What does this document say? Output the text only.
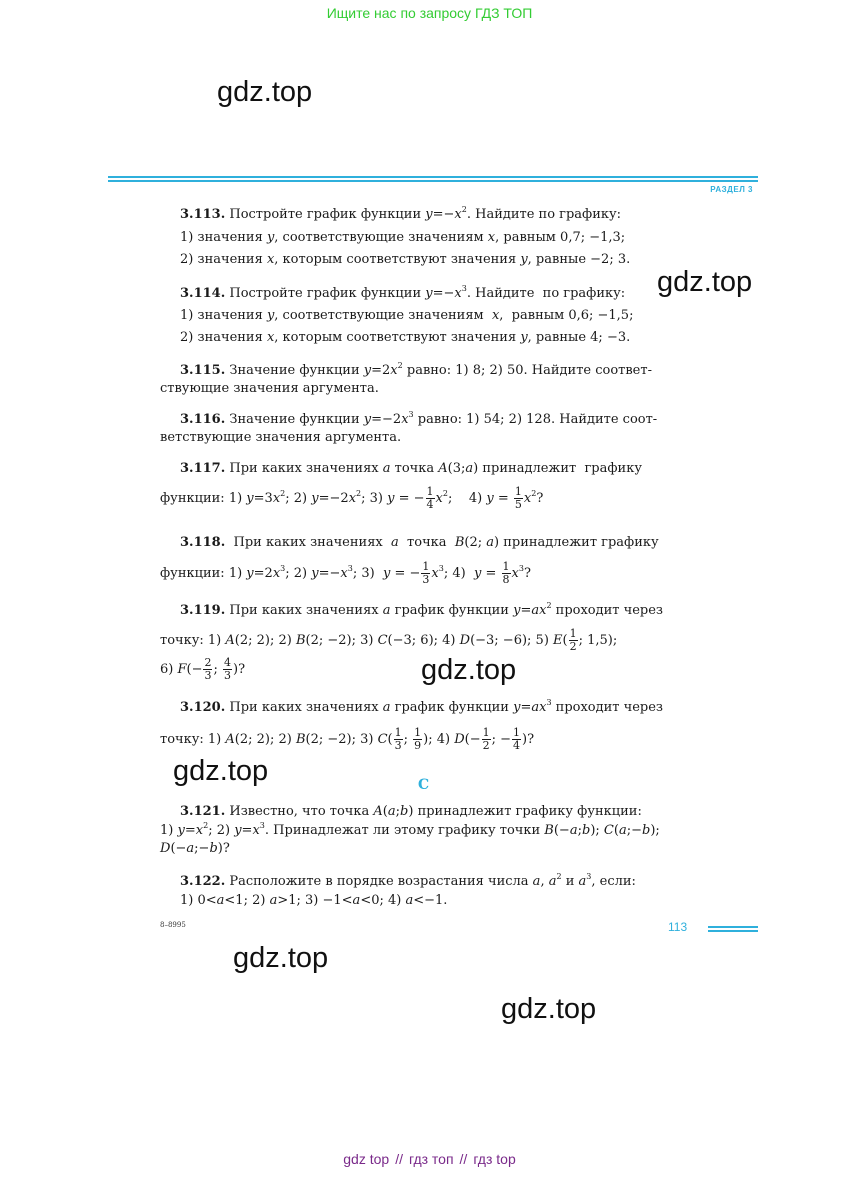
Ищите нас по запросу ГДЗ ТОП
gdz.top
gdz.top
gdz.top
gdz.top
gdz.top
gdz.top
РАЗДЕЛ 3
3.113. Постройте график функции $y=-x^2$. Найдите по графику:
1) значения y, соответствующие значениям x, равным 0,7; −1,3;
2) значения x, которым соответствуют значения y, равные −2; 3.
3.114. Постройте график функции $y=-x^3$. Найдите  по графику:
1) значения y, соответствующие значениям  x,  равным 0,6; −1,5;
2) значения x, которым соответствуют значения y, равные 4; −3.
3.115. Значение функции $y=2x^2$ равно: 1) 8; 2) 50. Найдите соответ-
ствующие значения аргумента.
3.116. Значение функции $y=-2x^3$ равно: 1) 54; 2) 128. Найдите соот-
ветствующие значения аргумента.
3.117. При каких значениях a точка A(3;a) принадлежит  графику
функции: 1) $y=3x^2$; 2) $y=-2x^2$; 3) y = − $\frac{1}{4} x^2$;    4) $y = \frac{1}{5} x^2$?
3.118.  При каких значениях  a  точка  B(2; a) принадлежит графику
функции: 1) $y=2x^3$; 2) $y=-x^3$; 3)  y = − $\frac{1}{3} x^3$; 4)  $y = \frac{1}{8} x^3$?
3.119. При каких значениях a график функции $y=ax^2$ проходит через
точку: 1) A(2; 2); 2) B(2; −2); 3) C(−3; 6); 4) D(−3; −6); 5) $E( \frac{1}{2}$ ; 1,5);
6) $F(- \frac{2}{3}$ ; $\frac{4}{3}$ )?
3.120. При каких значениях a график функции $y=ax^3$ проходит через
точку: 1) A(2; 2); 2) B(2; −2); 3) $C( \frac{1}{3}$ ; $\frac{1}{9}$ ); 4) $D(- \frac{1}{2}$ ; − $\frac{1}{4}$ )?
C
3.121. Известно, что точка A(a;b) принадлежит графику функции:
1) $y=x^2$; 2) $y=x^3$. Принадлежат ли этому графику точки B(−a;b); C(a;−b);
D(−a;−b)?
3.122. Расположите в порядке возрастания числа a, $a^2$ и $a^3$, если:
1) 0<a<1; 2) a>1; 3) −1<a<0; 4) a<−1.
8–8995	113
gdz top // гдз топ // гдз top
